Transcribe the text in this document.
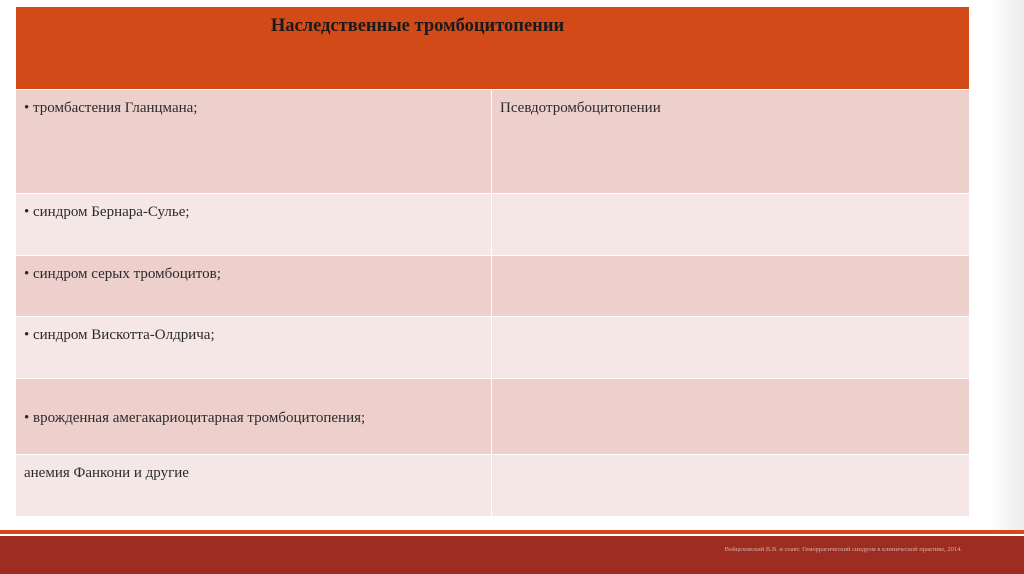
Наследственные тромбоцитопении	

• тромбастения Гланцмана;	Псевдотромбоцитопении

• синдром Бернара-Сулье;	

• синдром серых тромбоцитов;	

• синдром Вискотта-Олдрича;	

• врожденная амегакариоцитарная тромбоцитопения;	

анемия Фанкони и другие	

Войцеховский В.В. и соавт. Геморрагический синдром в клинической практике, 2014.
